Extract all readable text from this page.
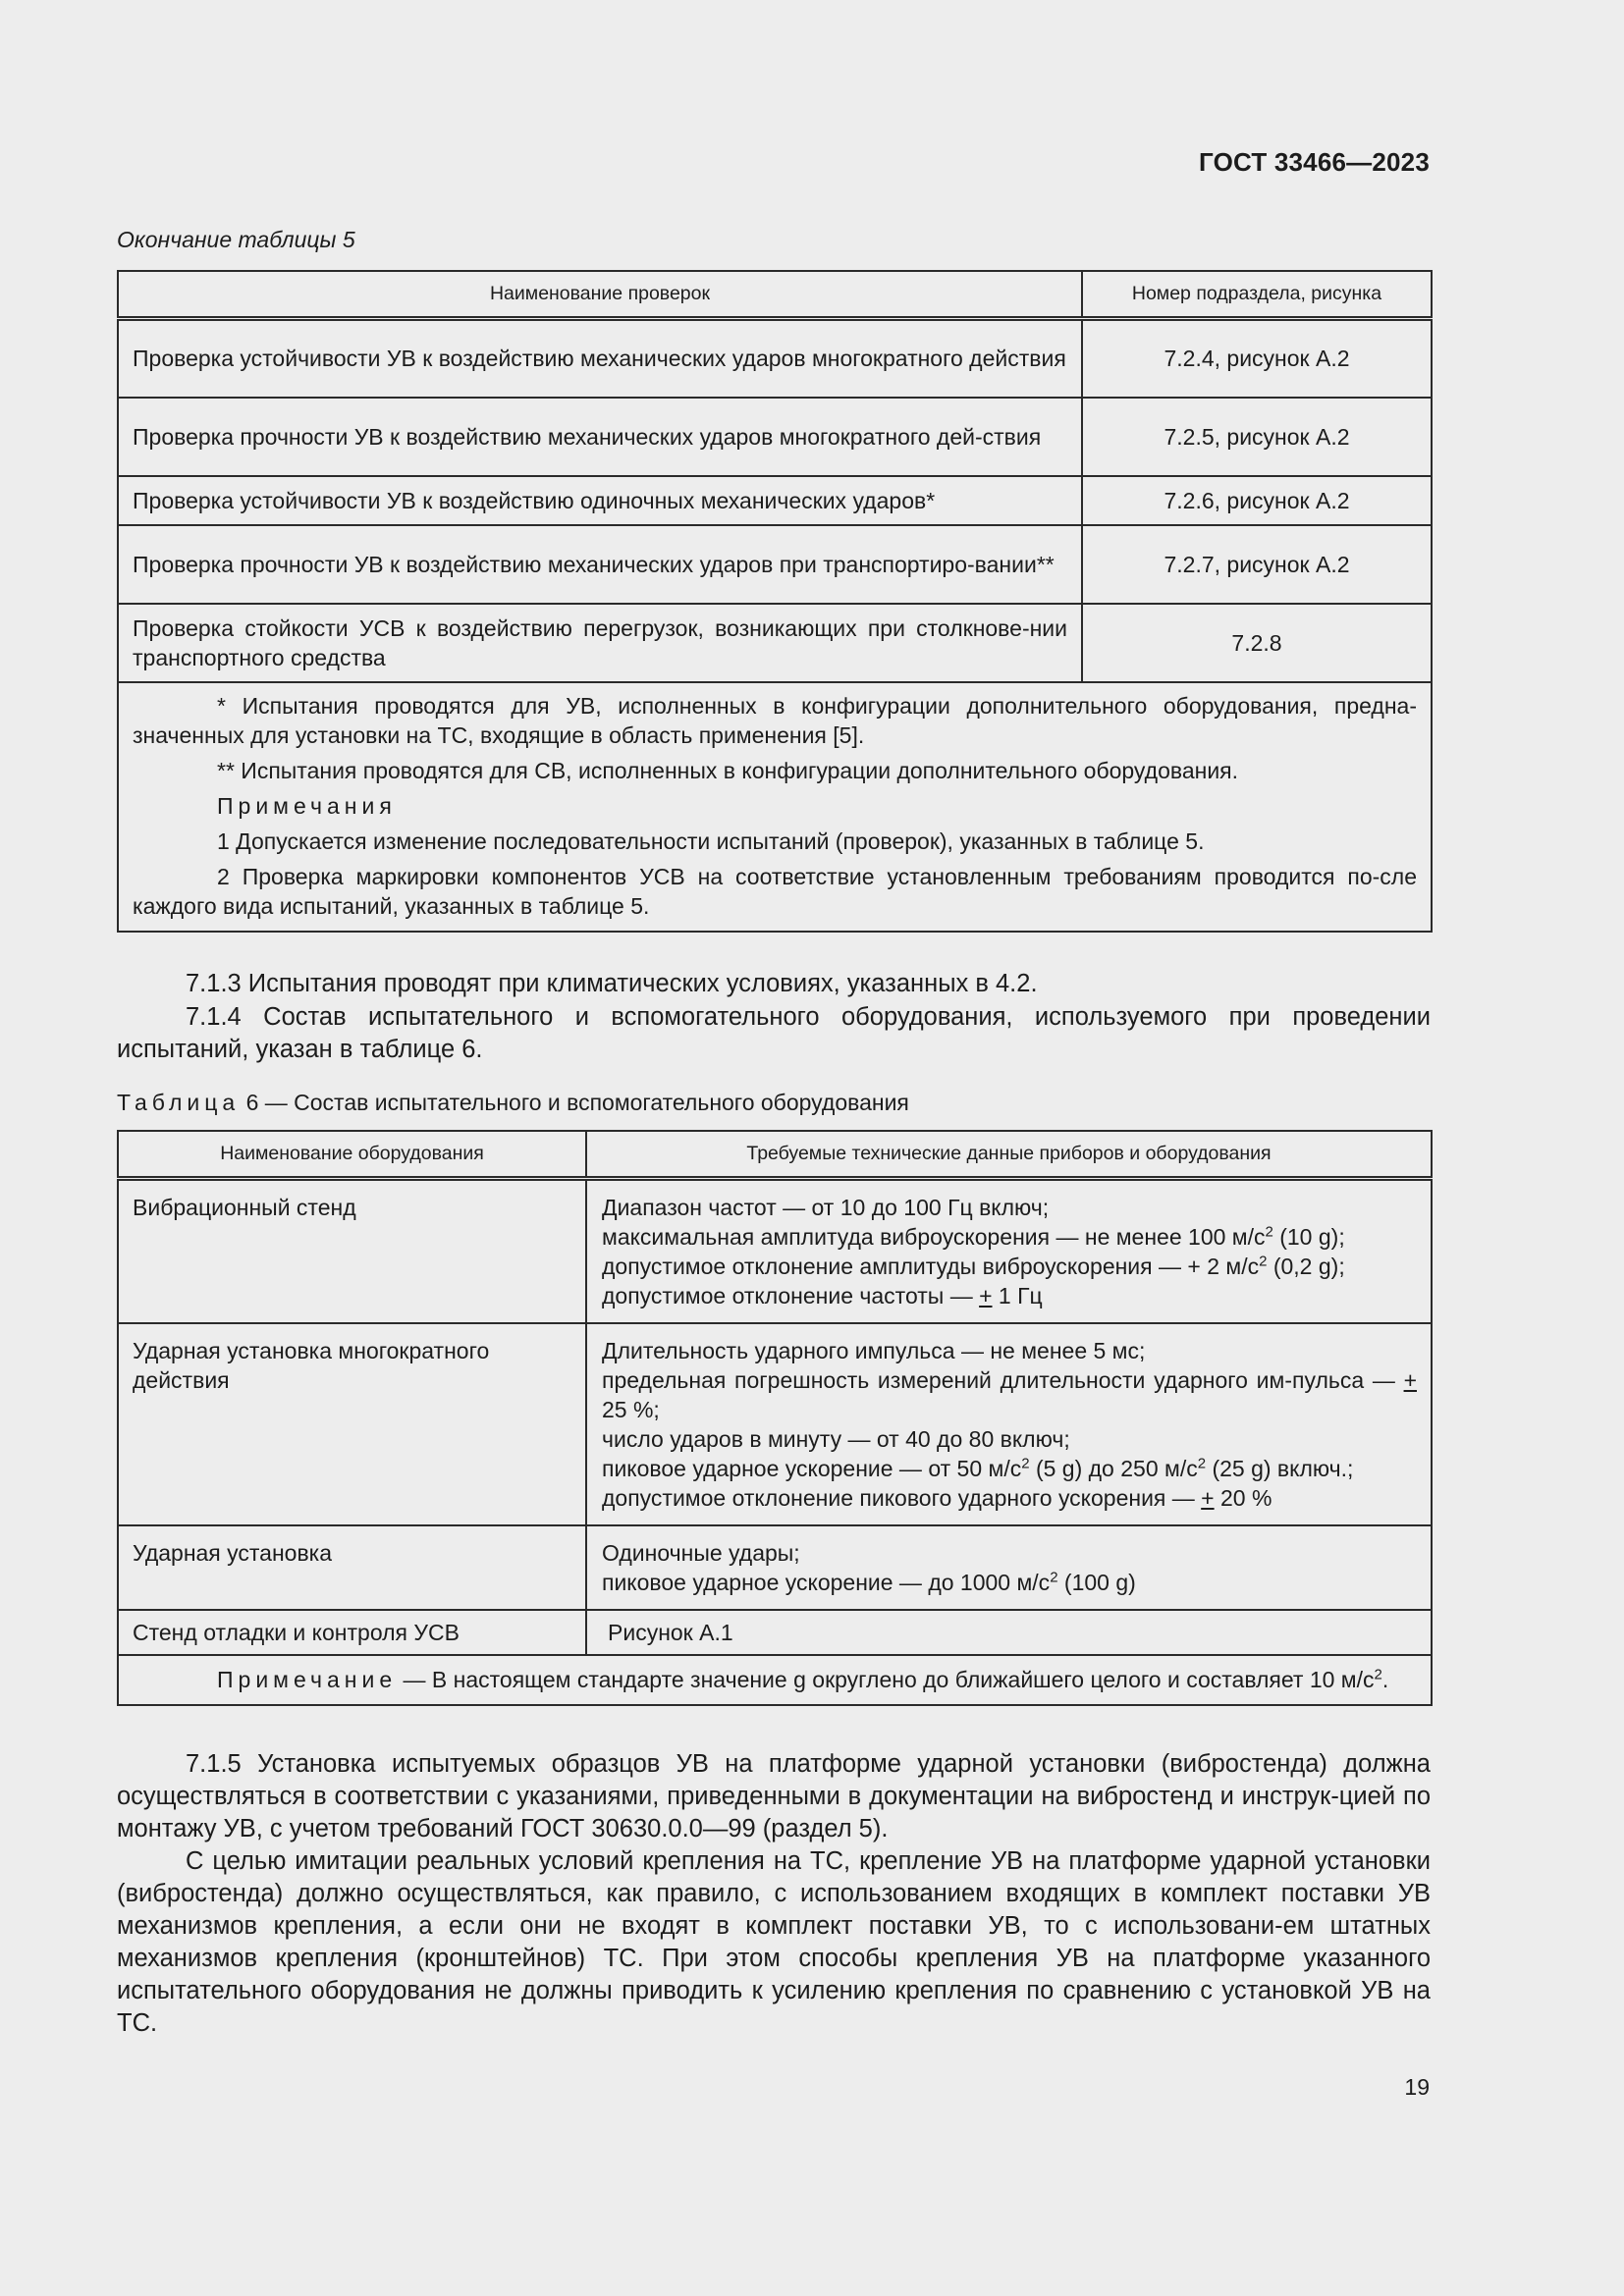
ГОСТ 33466—2023
Окончание таблицы 5
Наименование проверок	Номер подраздела, рисунка
Проверка устойчивости УВ к воздействию механических ударов многократного действия	7.2.4, рисунок А.2
Проверка прочности УВ к воздействию механических ударов многократного дей-ствия	7.2.5, рисунок А.2
Проверка устойчивости УВ к воздействию одиночных механических ударов*	7.2.6, рисунок А.2
Проверка прочности УВ к воздействию механических ударов при транспортиро-вании**	7.2.7, рисунок А.2
Проверка стойкости УСВ к воздействию перегрузок, возникающих при столкнове-нии транспортного средства	7.2.8

* Испытания проводятся для УВ, исполненных в конфигурации дополнительного оборудования, предна-значенных для установки на ТС, входящие в область применения [5].

** Испытания проводятся для СВ, исполненных в конфигурации дополнительного оборудования.

Примечания

1 Допускается изменение последовательности испытаний (проверок), указанных в таблице 5.

2 Проверка маркировки компонентов УСВ на соответствие установленным требованиям проводится по-сле каждого вида испытаний, указанных в таблице 5.	

7.1.3 Испытания проводят при климатических условиях, указанных в 4.2.

7.1.4 Состав испытательного и вспомогательного оборудования, используемого при проведении испытаний, указан в таблице 6.

Таблица 6 — Состав испытательного и вспомогательного оборудования
Наименование оборудования	Требуемые технические данные приборов и оборудования
Вибрационный стенд	Диапазон частот — от 10 до 100 Гц включ;
максимальная амплитуда виброускорения — не менее 100 $м/с^2$ (10 g);
допустимое отклонение амплитуды виброускорения — + 2 $м/с^2$ (0,2 g);
допустимое отклонение частоты — + 1 Гц

Ударная установка многократного действия	Длительность ударного импульса — не менее 5 мс;
предельная погрешность измерений длительности ударного им-пульса — + 25 %;
число ударов в минуту — от 40 до 80 включ;
пиковое ударное ускорение — от 50 $м/с^2$ (5 g) до 250 $м/с^2$ (25 g) включ.;
допустимое отклонение пикового ударного ускорения — + 20 %

Ударная установка	Одиночные удары;
пиковое ударное ускорение — до 1000 $м/с^2$ (100 g)

Стенд отладки и контроля УСВ	Рисунок А.1

Примечание — В настоящем стандарте значение g округлено до ближайшего целого и составляет 10 $м/с^2$.	

7.1.5 Установка испытуемых образцов УВ на платформе ударной установки (вибростенда) должна осуществляться в соответствии с указаниями, приведенными в документации на вибростенд и инструк-цией по монтажу УВ, с учетом требований ГОСТ 30630.0.0—99 (раздел 5).

С целью имитации реальных условий крепления на ТС, крепление УВ на платформе ударной установки (вибростенда) должно осуществляться, как правило, с использованием входящих в комплект поставки УВ механизмов крепления, а если они не входят в комплект поставки УВ, то с использовани-ем штатных механизмов крепления (кронштейнов) ТС. При этом способы крепления УВ на платформе указанного испытательного оборудования не должны приводить к усилению крепления по сравнению с установкой УВ на ТС.

19
